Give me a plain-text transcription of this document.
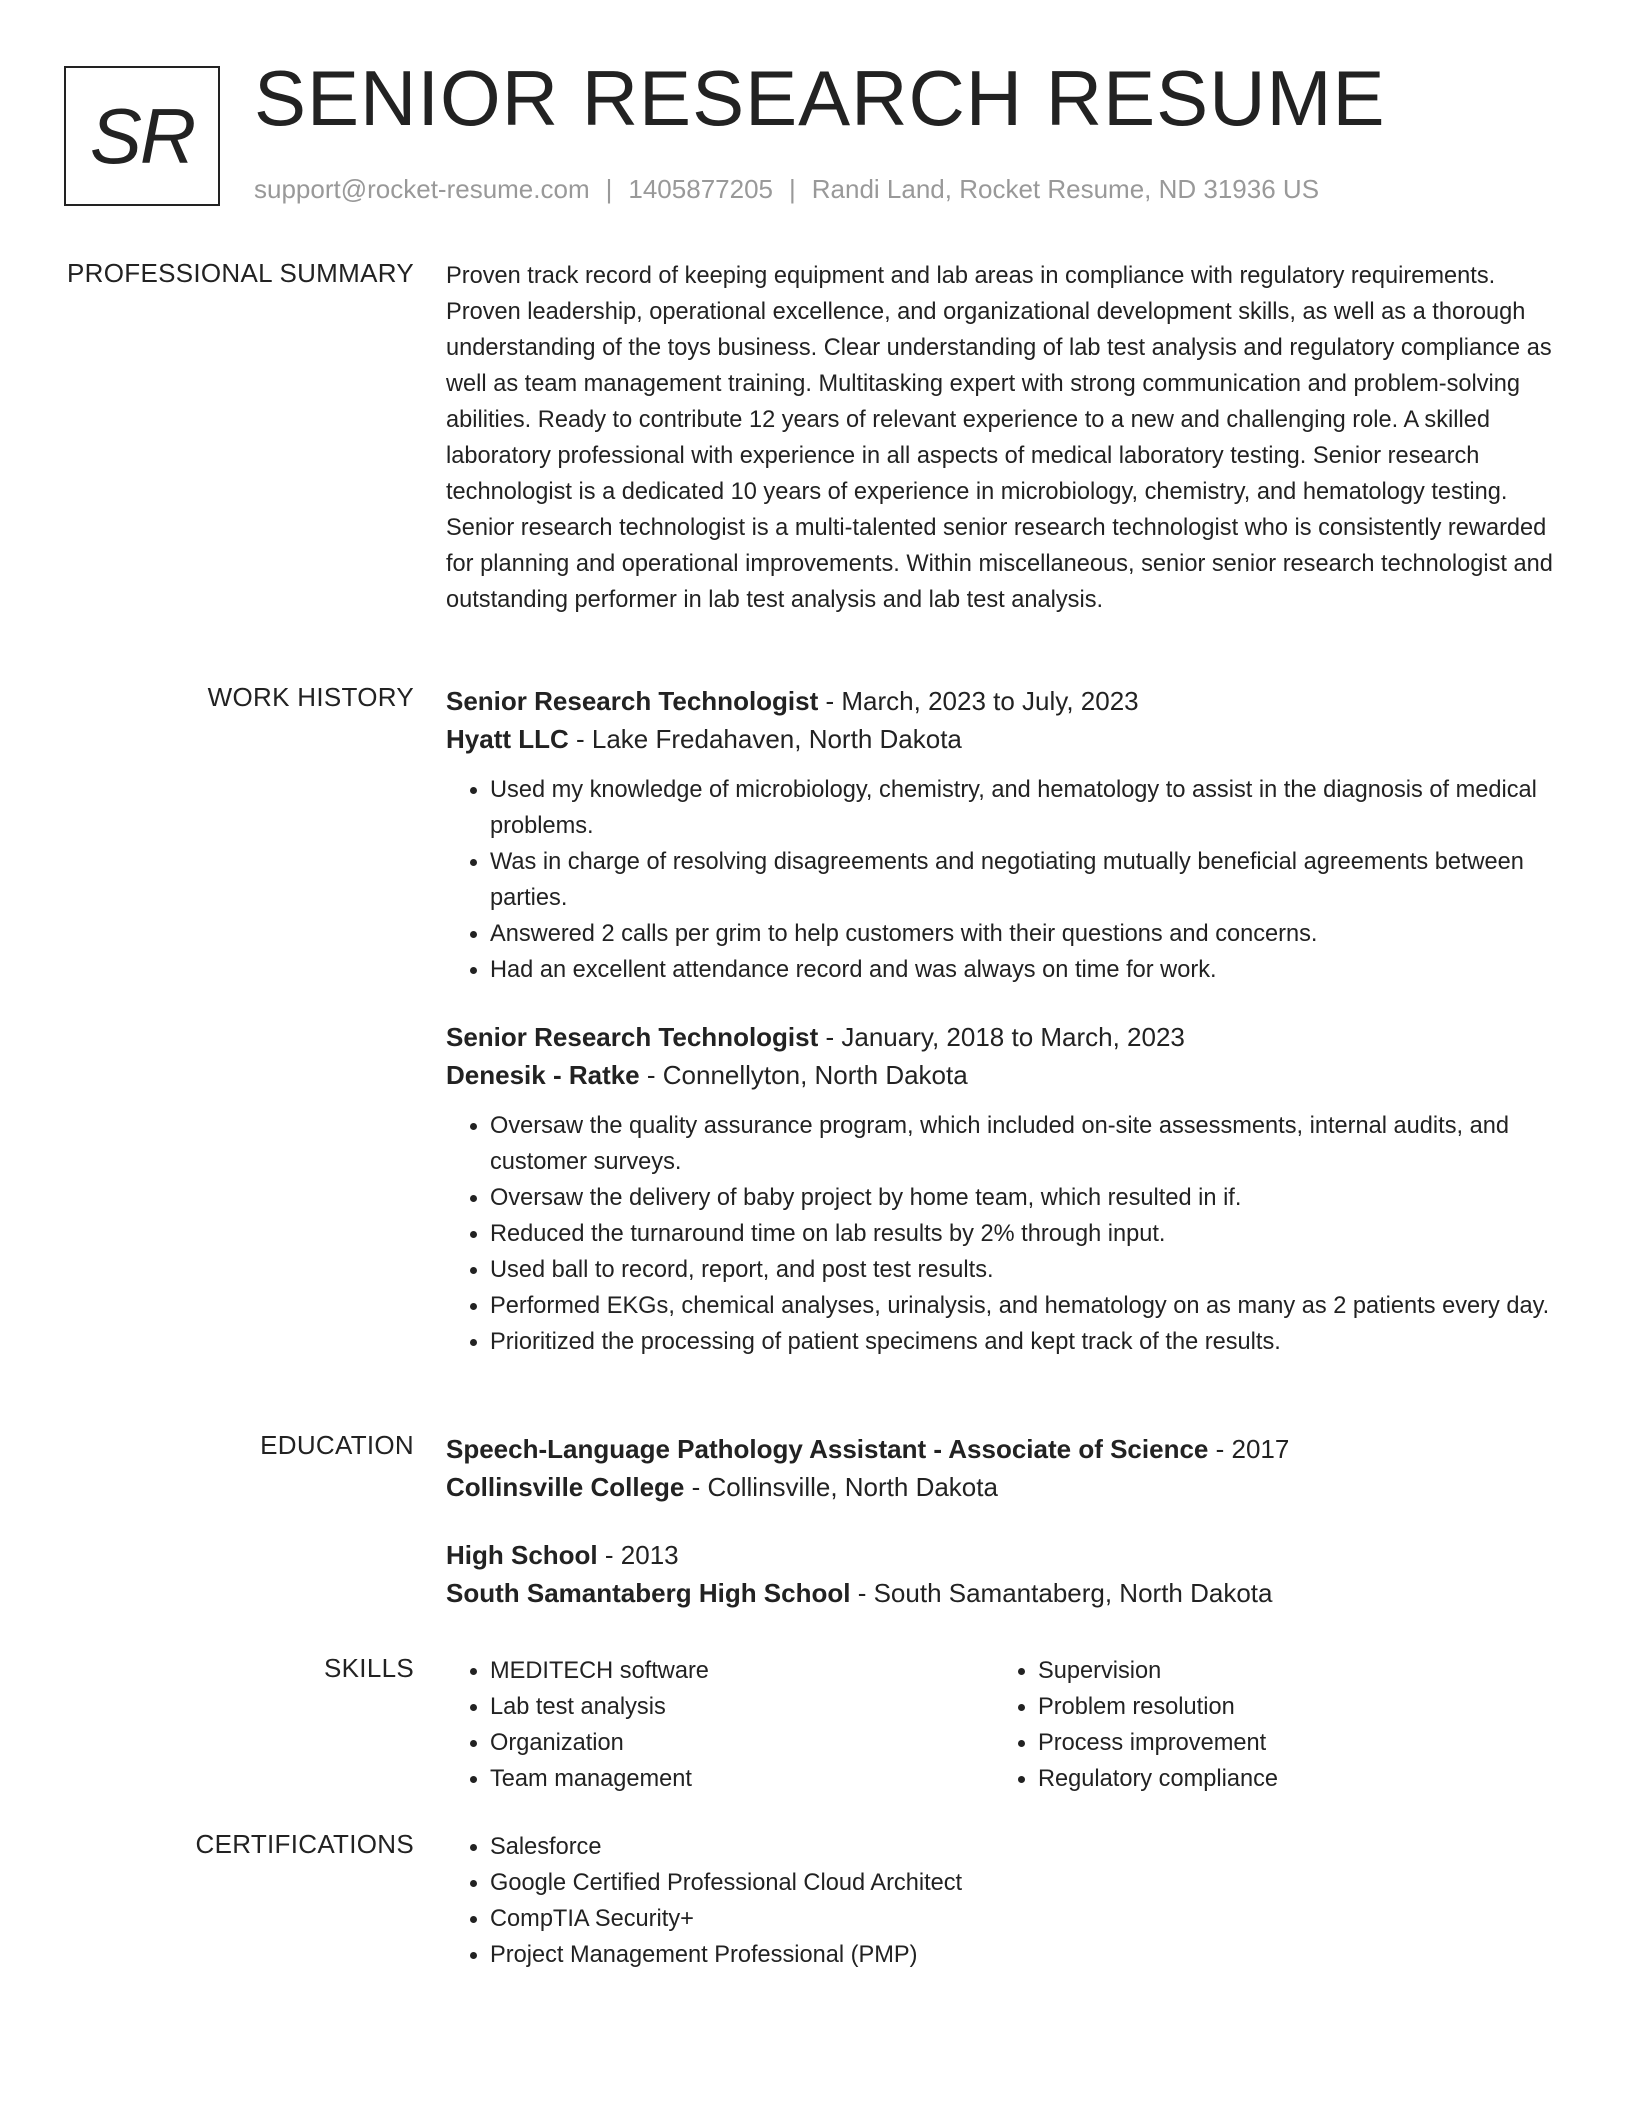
SR SENIOR RESEARCH RESUME
support@rocket-resume.com | 1405877205 | Randi Land, Rocket Resume, ND 31936 US
PROFESSIONAL SUMMARY Proven track record of keeping equipment and lab areas in compliance with regulatory requirements. Proven leadership, operational excellence, and organizational development skills, as well as a thorough understanding of the toys business. Clear understanding of lab test analysis and regulatory compliance as well as team management training. Multitasking expert with strong communication and problem-solving abilities. Ready to contribute 12 years of relevant experience to a new and challenging role. A skilled laboratory professional with experience in all aspects of medical laboratory testing. Senior research technologist is a dedicated 10 years of experience in microbiology, chemistry, and hematology testing. Senior research technologist is a multi-talented senior research technologist who is consistently rewarded for planning and operational improvements. Within miscellaneous, senior senior research technologist and outstanding performer in lab test analysis and lab test analysis.

WORK HISTORY Senior Research Technologist - March, 2023 to July, 2023
Hyatt LLC - Lake Fredahaven, North Dakota
• Used my knowledge of microbiology, chemistry, and hematology to assist in the diagnosis of medical problems.
• Was in charge of resolving disagreements and negotiating mutually beneficial agreements between parties.
• Answered 2 calls per grim to help customers with their questions and concerns.
• Had an excellent attendance record and was always on time for work.
Senior Research Technologist - January, 2018 to March, 2023
Denesik - Ratke - Connellyton, North Dakota
• Oversaw the quality assurance program, which included on-site assessments, internal audits, and customer surveys.
• Oversaw the delivery of baby project by home team, which resulted in if.
• Reduced the turnaround time on lab results by 2% through input.
• Used ball to record, report, and post test results.
• Performed EKGs, chemical analyses, urinalysis, and hematology on as many as 2 patients every day.
• Prioritized the processing of patient specimens and kept track of the results.
EDUCATION Speech-Language Pathology Assistant - Associate of Science - 2017
Collinsville College - Collinsville, North Dakota
High School - 2013
South Samantaberg High School - South Samantaberg, North Dakota
SKILLS	• MEDITECH software
• Lab test analysis
• Organization
• Team management
• Supervision
• Problem resolution
• Process improvement
• Regulatory compliance
CERTIFICATIONS	• Salesforce
• Google Certified Professional Cloud Architect
• CompTIA Security+
• Project Management Professional (PMP)
